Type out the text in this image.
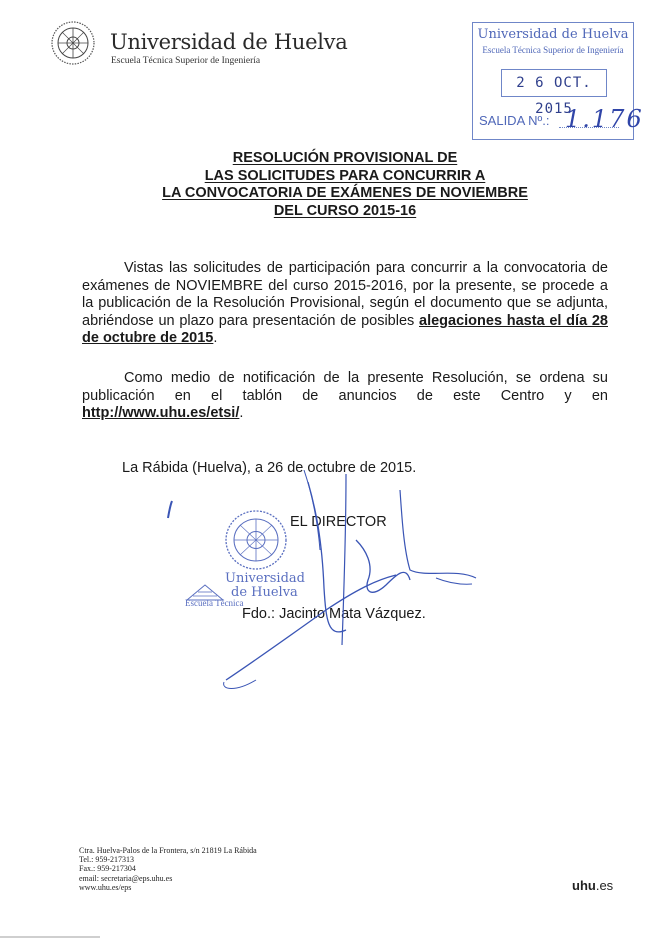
Universidad de Huelva
Escuela Técnica Superior de Ingeniería
Universidad de Huelva
Escuela Técnica Superior de Ingeniería
2 6 OCT. 2015
SALIDA Nº.: 1.176
RESOLUCIÓN PROVISIONAL DE
LAS SOLICITUDES PARA CONCURRIR A
LA CONVOCATORIA DE EXÁMENES DE NOVIEMBRE
DEL CURSO 2015-16
Vistas las solicitudes de participación para concurrir a la convocatoria de exámenes de NOVIEMBRE del curso 2015-2016, por la presente, se procede a la publicación de la Resolución Provisional, según el documento que se adjunta, abriéndose un plazo para presentación de posibles alegaciones hasta el día 28 de octubre de 2015.
Como medio de notificación de la presente Resolución, se ordena su publicación en el tablón de anuncios de este Centro y en http://www.uhu.es/etsi/.
La Rábida (Huelva), a 26 de octubre de 2015.
Universidad
de Huelva
Escuela Técnica
EL DIRECTOR
Fdo.: Jacinto Mata Vázquez.
Ctra. Huelva-Palos de la Frontera, s/n 21819 La Rábida
Tel.: 959-217313
Fax.: 959-217304
email: secretaria@eps.uhu.es
www.uhu.es/eps	uhu.es
